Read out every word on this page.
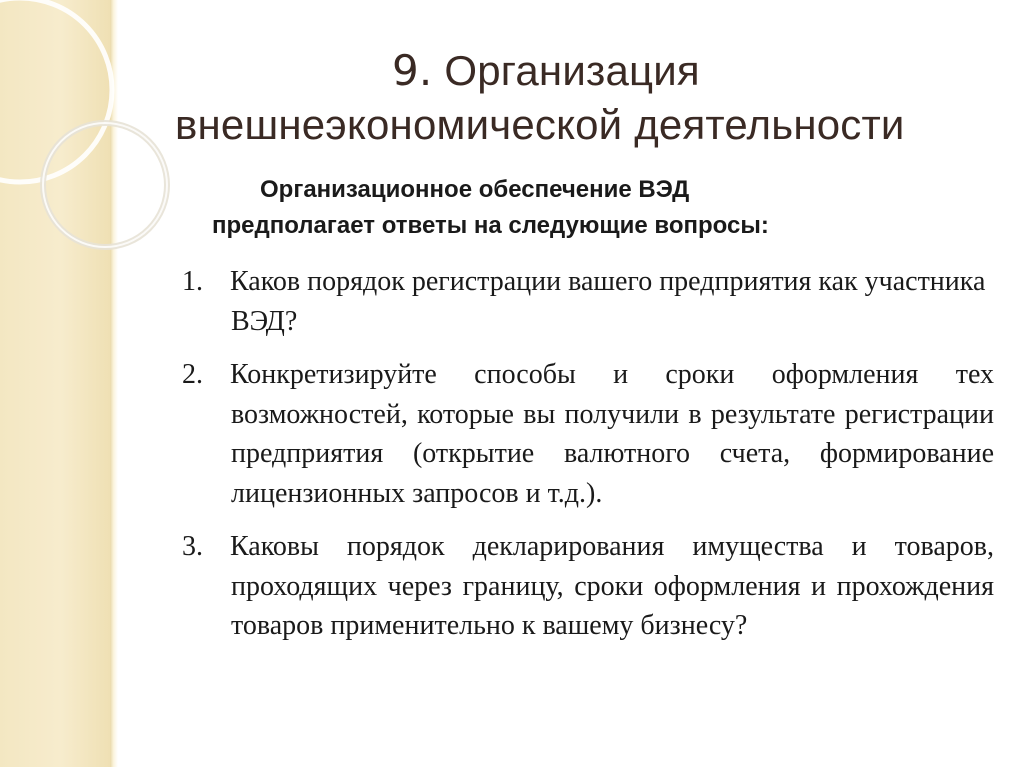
9. Организация
внешнеэкономической деятельности
Организационное обеспечение ВЭД
предполагает ответы на следующие вопросы:
1. Каков порядок регистрации вашего предприятия как участника ВЭД?
2. Конкретизируйте способы и сроки оформления тех возможностей, которые вы получили в результате регистрации предприятия (открытие валютного счета, формирование лицензионных запросов и т.д.).
3. Каковы порядок декларирования имущества и товаров, проходящих через границу, сроки оформления и прохождения товаров применительно к вашему бизнесу?
